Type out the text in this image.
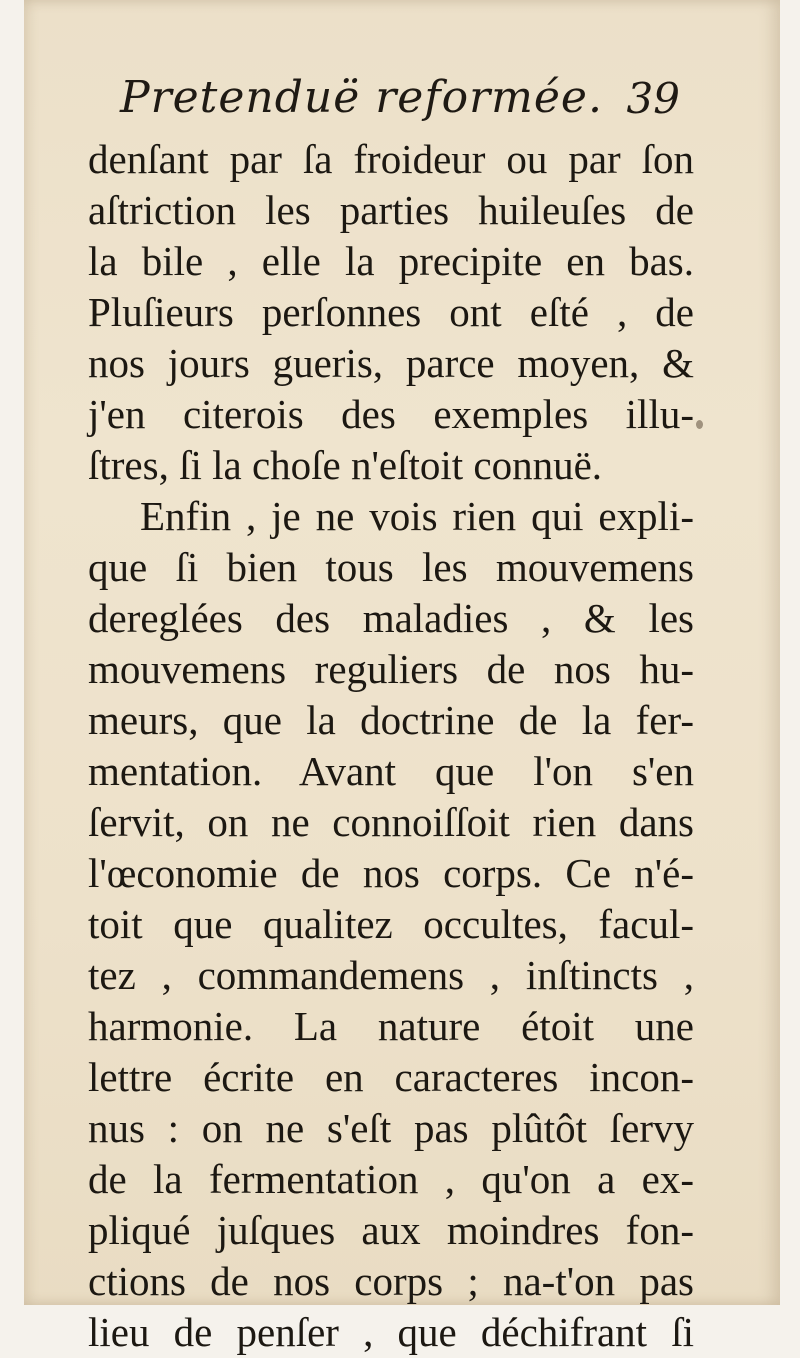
Pretenduë reformée. 39
denſant par ſa froideur ou par ſon
aſtriction les parties huileuſes de
la bile , elle la precipite en bas.
Pluſieurs perſonnes ont eſté , de
nos jours gueris, parce moyen, &
j'en citerois des exemples illu-
ſtres, ſi la choſe n'eſtoit connuë.
Enfin , je ne vois rien qui expli-
que ſi bien tous les mouvemens
dereglées des maladies , & les
mouvemens reguliers de nos hu-
meurs, que la doctrine de la fer-
mentation. Avant que l'on s'en
ſervit, on ne connoiſſoit rien dans
l'œconomie de nos corps. Ce n'é-
toit que qualitez occultes, facul-
tez , commandemens , inſtincts ,
harmonie. La nature étoit une
lettre écrite en caracteres incon-
nus : on ne s'eſt pas plûtôt ſervy
de la fermentation , qu'on a ex-
pliqué juſques aux moindres fon-
ctions de nos corps ; na-t'on pas
lieu de penſer , que déchifrant ſi
